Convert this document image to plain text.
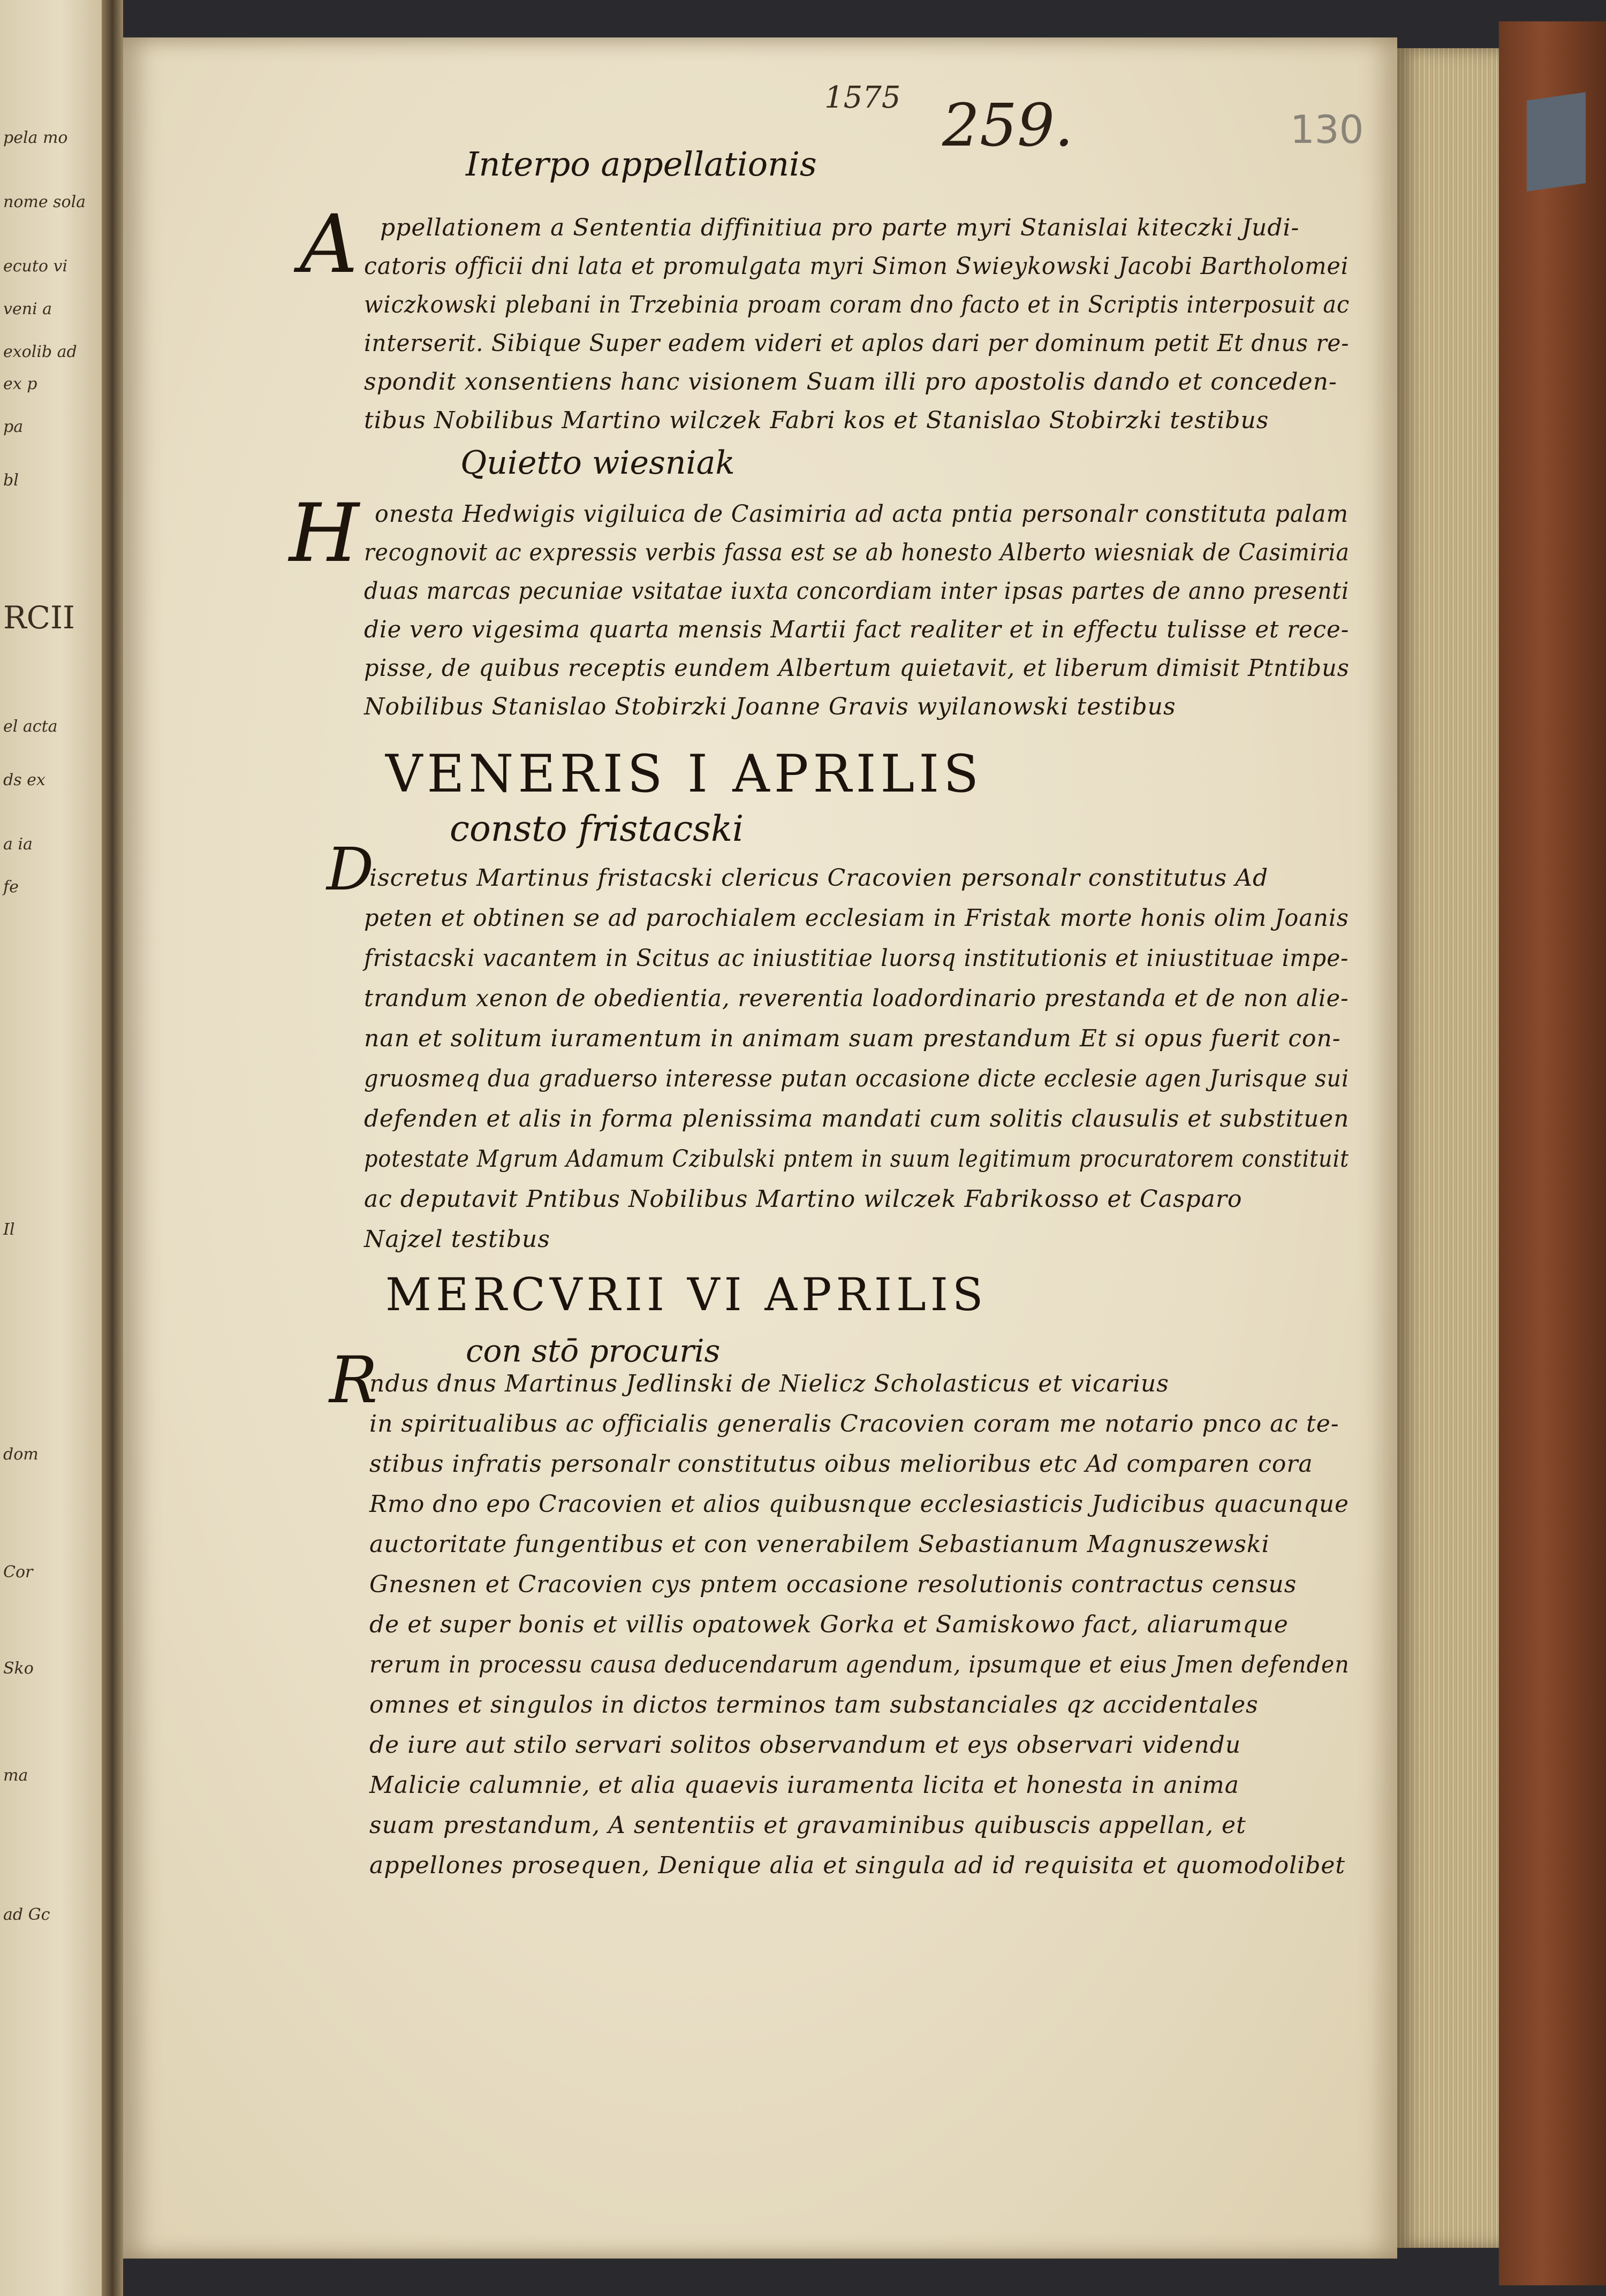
pela mo
nome sola
ecuto vi
veni a
exolib ad
ex p
pa
bl
RCII
el acta
ds ex
a ia
fe
Il
dom
Cor
Sko
ma
ad Gc
1575 259.	130
Interpo appellationis
A ppellationem a Sententia diffinitiua pro parte myri Stanislai kiteczki Judi-
catoris officii dni lata et promulgata myri Simon Swieykowski Jacobi Bartholomei
wiczkowski plebani in Trzebinia proam coram dno facto et in Scriptis interposuit ac
interserit. Sibique Super eadem videri et aplos dari per dominum petit Et dnus re-
spondit xonsentiens hanc visionem Suam illi pro apostolis dando et conceden-
tibus Nobilibus Martino wilczek Fabri kos et Stanislao Stobirzki testibus
Quietto wiesniak
H onesta Hedwigis vigiluica de Casimiria ad acta pntia personalr constituta palam
recognovit ac expressis verbis fassa est se ab honesto Alberto wiesniak de Casimiria
duas marcas pecuniae vsitatae iuxta concordiam inter ipsas partes de anno presenti
die vero vigesima quarta mensis Martii fact realiter et in effectu tulisse et rece-
pisse, de quibus receptis eundem Albertum quietavit, et liberum dimisit Ptntibus
Nobilibus Stanislao Stobirzki Joanne Gravis wyilanowski testibus
VENERIS I APRILIS
consto fristacski
D
iscretus Martinus fristacski clericus Cracovien personalr constitutus Ad
peten et obtinen se ad parochialem ecclesiam in Fristak morte honis olim Joanis
fristacski vacantem in Scitus ac iniustitiae luorsq institutionis et iniustituae impe-
trandum xenon de obedientia, reverentia loadordinario prestanda et de non alie-
nan et solitum iuramentum in animam suam prestandum Et si opus fuerit con-
gruosmeq dua graduerso interesse putan occasione dicte ecclesie agen Jurisque sui
defenden et alis in forma plenissima mandati cum solitis clausulis et substituen
potestate Mgrum Adamum Czibulski pntem in suum legitimum procuratorem constituit
ac deputavit Pntibus Nobilibus Martino wilczek Fabrikosso et Casparo
Najzel testibus
MERCVRII VI APRILIS
con stō procuris
R
ndus dnus Martinus Jedlinski de Nielicz Scholasticus et vicarius
in spiritualibus ac officialis generalis Cracovien coram me notario pnco ac te-
stibus infratis personalr constitutus oibus melioribus etc Ad comparen cora
Rmo dno epo Cracovien et alios quibusnque ecclesiasticis Judicibus quacunque
auctoritate fungentibus et con venerabilem Sebastianum Magnuszewski
Gnesnen et Cracovien cys pntem occasione resolutionis contractus census
de et super bonis et villis opatowek Gorka et Samiskowo fact, aliarumque
rerum in processu causa deducendarum agendum, ipsumque et eius Jmen defenden
omnes et singulos in dictos terminos tam substanciales qz accidentales
de iure aut stilo servari solitos observandum et eys observari videndu
Malicie calumnie, et alia quaevis iuramenta licita et honesta in anima
suam prestandum, A sententiis et gravaminibus quibuscis appellan, et
appellones prosequen, Denique alia et singula ad id requisita et quomodolibet
